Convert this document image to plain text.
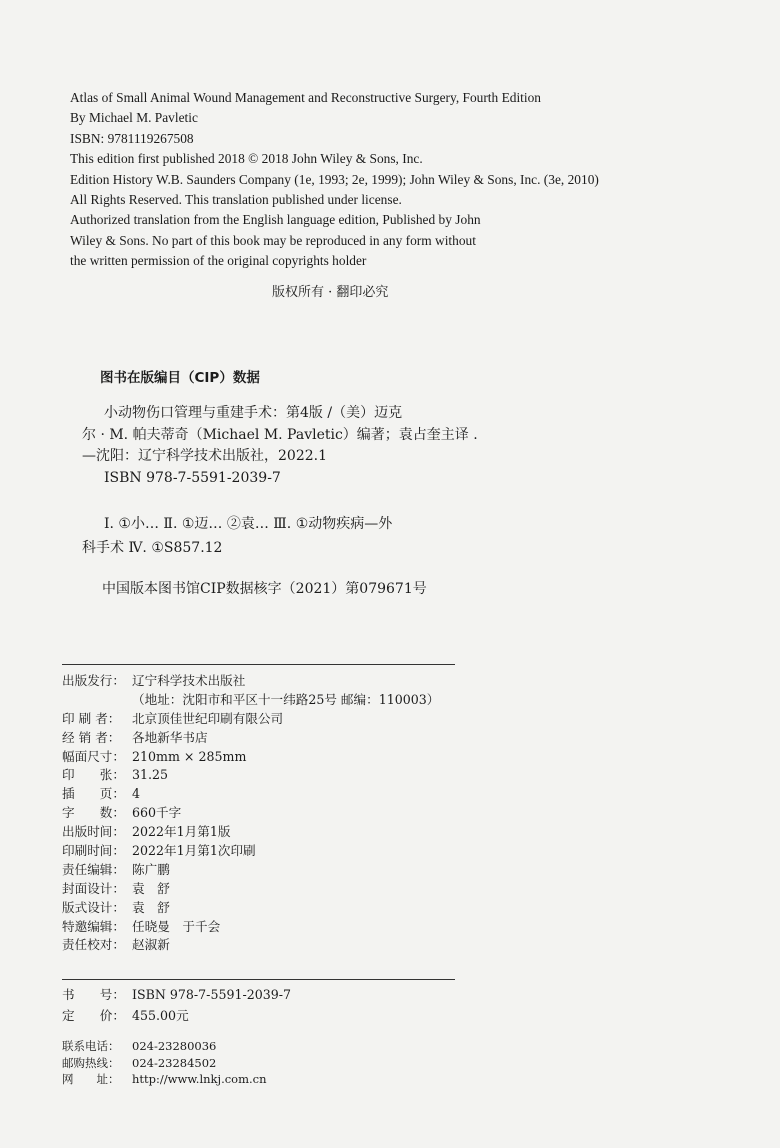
Atlas of Small Animal Wound Management and Reconstructive Surgery, Fourth Edition
By Michael M. Pavletic
ISBN: 9781119267508
This edition first published 2018 © 2018 John Wiley & Sons, Inc.
Edition History W.B. Saunders Company (1e, 1993; 2e, 1999); John Wiley & Sons, Inc. (3e, 2010)
All Rights Reserved. This translation published under license.
Authorized translation from the English language edition, Published by John
Wiley & Sons. No part of this book may be reproduced in any form without
the written permission of the original copyrights holder
版权所有 · 翻印必究
图书在版编目（CIP）数据
小动物伤口管理与重建手术：第4版 /（美）迈克
尔 · M. 帕夫蒂奇（Michael M. Pavletic）编著；袁占奎主译 .
—沈阳：辽宁科学技术出版社，2022.1
ISBN 978-7-5591-2039-7
Ⅰ. ①小… Ⅱ. ①迈… ②袁… Ⅲ. ①动物疾病—外
科手术 Ⅳ. ①S857.12
中国版本图书馆CIP数据核字（2021）第079671号
出版发行： 辽宁科学技术出版社
（地址：沈阳市和平区十一纬路25号 邮编：110003）
印 刷 者： 北京顶佳世纪印刷有限公司
经 销 者： 各地新华书店
幅面尺寸： 210mm × 285mm
印　　张： 31.25
插　　页： 4
字　　数： 660千字
出版时间： 2022年1月第1版
印刷时间： 2022年1月第1次印刷
责任编辑： 陈广鹏
封面设计： 袁　舒
版式设计： 袁　舒
特邀编辑： 任晓曼　于千会
责任校对： 赵淑新
书　　号： ISBN 978-7-5591-2039-7
定　　价： 455.00元
联系电话：	024-23280036
邮购热线：	024-23284502
网　　址：	http://www.lnkj.com.cn
